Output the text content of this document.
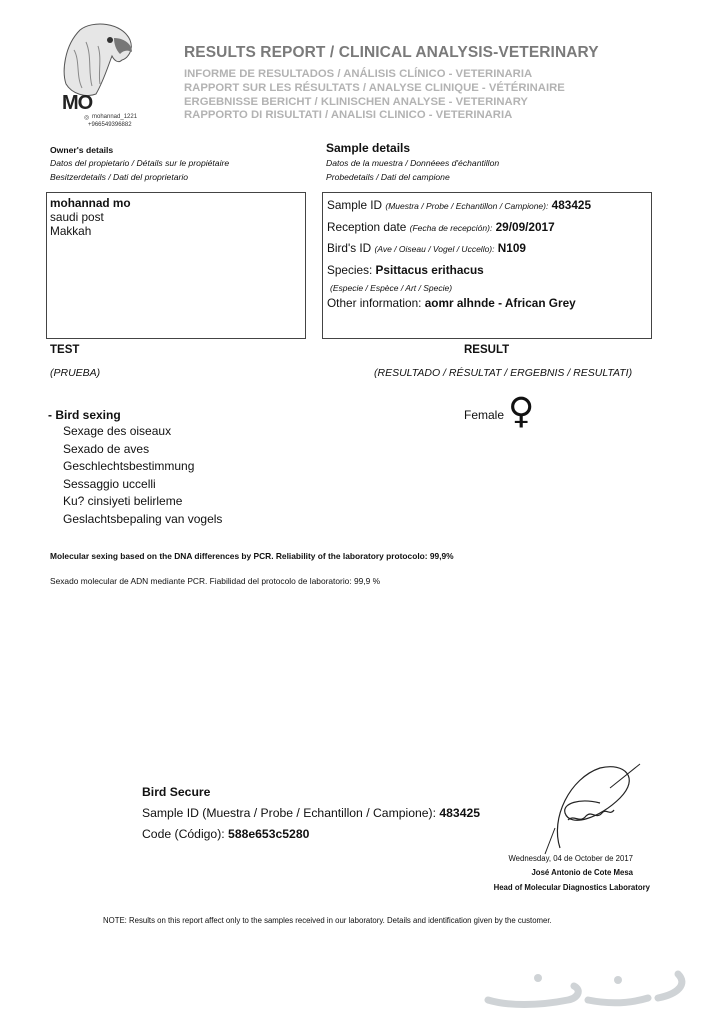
MO
◎ mohannad_1221
+966549396882
RESULTS REPORT / CLINICAL ANALYSIS-VETERINARY
INFORME DE RESULTADOS / ANÁLISIS CLÍNICO - VETERINARIA
RAPPORT SUR LES RÉSULTATS / ANALYSE CLINIQUE - VÉTÉRINAIRE
ERGEBNISSE BERICHT / KLINISCHEN ANALYSE - VETERINARY
RAPPORTO DI RISULTATI / ANALISI CLINICO - VETERINARIA
Owner's details
Datos del propietario / Détails sur le propiétaire
Besitzerdetails / Dati del proprietario
Sample details
Datos de la muestra / Donnéees d'échantillon
Probedetails / Dati del campione
mohannad mo
saudi post
Makkah
Sample ID (Muestra / Probe / Echantillon / Campione): 483425
Reception date (Fecha de recepción): 29/09/2017
Bird's ID (Ave / Oiseau / Vogel / Uccello): N109
Species: Psittacus erithacus
(Especie / Espèce / Art / Specie)
Other information: aomr alhnde - African Grey
TEST	RESULT
(PRUEBA)	(RESULTADO / RÉSULTAT / ERGEBNIS / RESULTATI)
- Bird sexing
Sexage des oiseaux
Sexado de aves
Geschlechtsbestimmung
Sessaggio uccelli
Ku? cinsiyeti belirleme
Geslachtsbepaling van vogels
Female ♀
Molecular sexing based on the DNA differences by PCR. Reliability of the laboratory protocolo: 99,9%
Sexado molecular de ADN mediante PCR. Fiabilidad del protocolo de laboratorio: 99,9 %
Bird Secure
Sample ID (Muestra / Probe / Echantillon / Campione): 483425
Code (Código): 588e653c5280
Wednesday, 04 de October de 2017
José Antonio de Cote Mesa
Head of Molecular Diagnostics Laboratory
NOTE: Results on this report affect only to the samples received in our laboratory. Details and identification given by the customer.
